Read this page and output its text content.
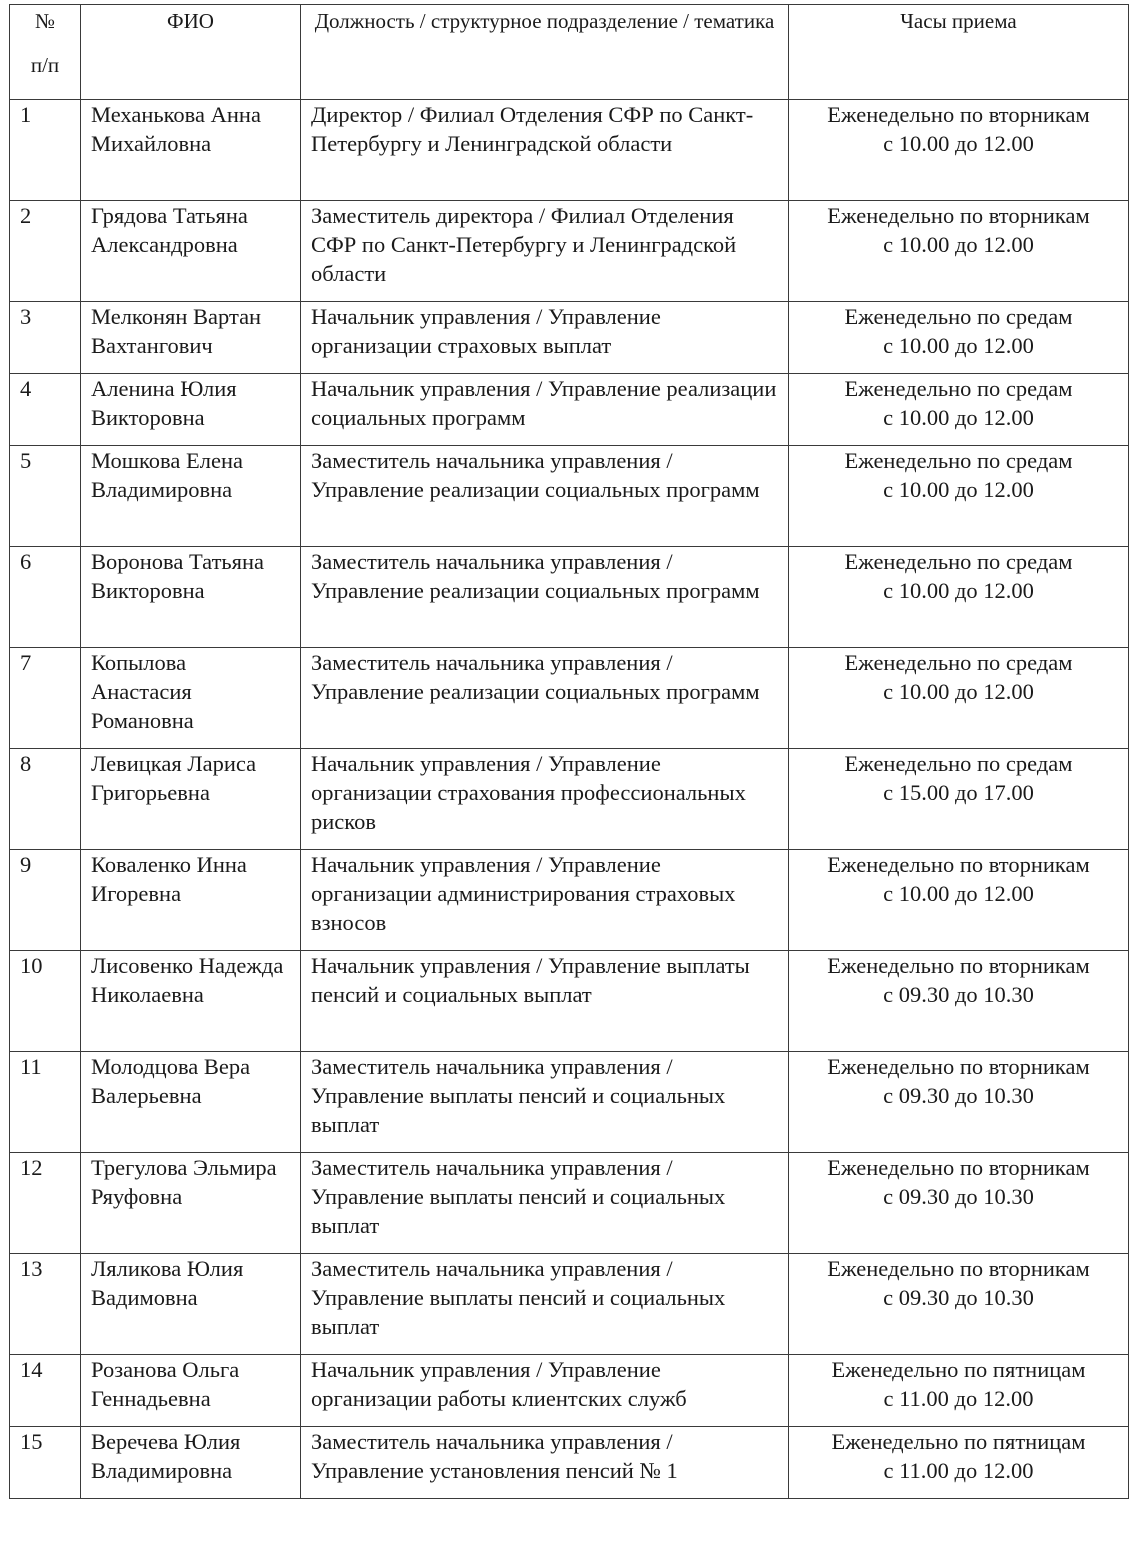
№
п/п	ФИО	Должность / структурное подразделение / тематика	Часы приема
1	Механькова Анна Михайловна	Директор / Филиал Отделения СФР по Санкт-Петербургу и Ленинградской области	Еженедельно по вторникам
с 10.00 до 12.00

2	Грядова Татьяна Александровна	Заместитель директора / Филиал Отделения СФР по Санкт-Петербургу и Ленинградской области	Еженедельно по вторникам
с 10.00 до 12.00

3	Мелконян Вартан Вахтангович	Начальник управления / Управление организации страховых выплат	Еженедельно по средам
с 10.00 до 12.00

4	Аленина Юлия Викторовна	Начальник управления / Управление реализации социальных программ	Еженедельно по средам
с 10.00 до 12.00

5	Мошкова Елена Владимировна	Заместитель начальника управления / Управление реализации социальных программ	Еженедельно по средам
с 10.00 до 12.00

6	Воронова Татьяна Викторовна	Заместитель начальника управления / Управление реализации социальных программ	Еженедельно по средам
с 10.00 до 12.00

7	Копылова Анастасия Романовна	Заместитель начальника управления / Управление реализации социальных программ	Еженедельно по средам
с 10.00 до 12.00

8	Левицкая Лариса Григорьевна	Начальник управления / Управление организации страхования профессиональных рисков	Еженедельно по средам
с 15.00 до 17.00

9	Коваленко Инна Игоревна	Начальник управления / Управление организации администрирования страховых взносов	Еженедельно по вторникам
с 10.00 до 12.00

10	Лисовенко Надежда Николаевна	Начальник управления / Управление выплаты пенсий и социальных выплат	Еженедельно по вторникам
с 09.30 до 10.30

11	Молодцова Вера Валерьевна	Заместитель начальника управления / Управление выплаты пенсий и социальных выплат	Еженедельно по вторникам
с 09.30 до 10.30

12	Трегулова Эльмира Ряуфовна	Заместитель начальника управления / Управление выплаты пенсий и социальных выплат	Еженедельно по вторникам
с 09.30 до 10.30

13	Ляликова Юлия Вадимовна	Заместитель начальника управления / Управление выплаты пенсий и социальных выплат	Еженедельно по вторникам
с 09.30 до 10.30

14	Розанова Ольга Геннадьевна	Начальник управления / Управление организации работы клиентских служб	Еженедельно по пятницам
с 11.00 до 12.00

15	Веречева Юлия Владимировна	Заместитель начальника управления / Управление установления пенсий № 1	Еженедельно по пятницам
с 11.00 до 12.00
